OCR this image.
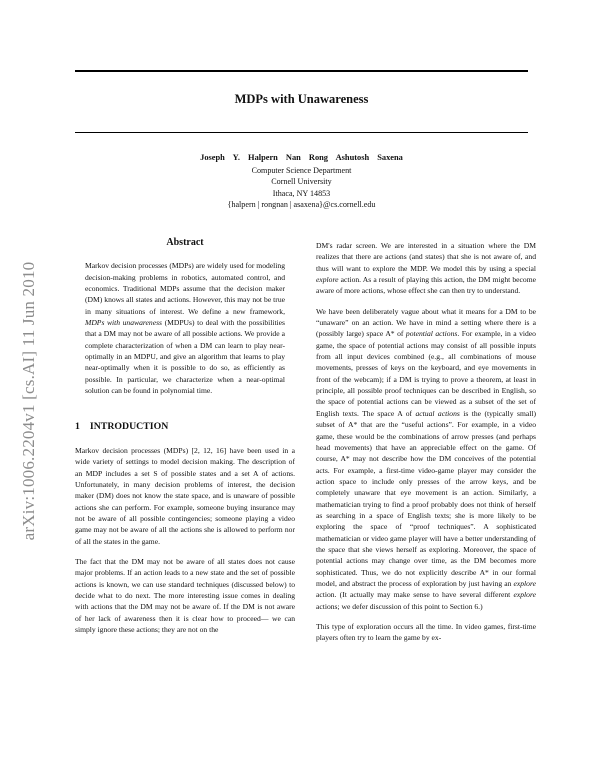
MDPs with Unawareness
Joseph Y. Halpern Nan Rong Ashutosh Saxena
Computer Science Department
Cornell University
Ithaca, NY 14853
{halpern | rongnan | asaxena}@cs.cornell.edu
arXiv:1006.2204v1 [cs.AI] 11 Jun 2010
Abstract

Markov decision processes (MDPs) are widely used for modeling decision-making problems in robotics, automated control, and economics. Traditional MDPs assume that the decision maker (DM) knows all states and actions. However, this may not be true in many situations of interest. We define a new framework, MDPs with unawareness (MDPUs) to deal with the possibilities that a DM may not be aware of all possible actions. We provide a complete characterization of when a DM can learn to play near-optimally in an MDPU, and give an algorithm that learns to play near-optimally when it is possible to do so, as efficiently as possible. In particular, we characterize when a near-optimal solution can be found in polynomial time.

1 INTRODUCTION

Markov decision processes (MDPs) [2, 12, 16] have been used in a wide variety of settings to model decision making. The description of an MDP includes a set S of possible states and a set A of actions. Unfortunately, in many decision problems of interest, the decision maker (DM) does not know the state space, and is unaware of possible actions she can perform. For example, someone buying insurance may not be aware of all possible contingencies; someone playing a video game may not be aware of all the actions she is allowed to perform nor of all the states in the game.

The fact that the DM may not be aware of all states does not cause major problems. If an action leads to a new state and the set of possible actions is known, we can use standard techniques (discussed below) to decide what to do next. The more interesting issue comes in dealing with actions that the DM may not be aware of. If the DM is not aware of her lack of awareness then it is clear how to proceed— we can simply ignore these actions; they are not on the

DM's radar screen. We are interested in a situation where the DM realizes that there are actions (and states) that she is not aware of, and thus will want to explore the MDP. We model this by using a special explore action. As a result of playing this action, the DM might become aware of more actions, whose effect she can then try to understand.

We have been deliberately vague about what it means for a DM to be “unaware” on an action. We have in mind a setting where there is a (possibly large) space A* of potential actions. For example, in a video game, the space of potential actions may consist of all possible inputs from all input devices combined (e.g., all combinations of mouse movements, presses of keys on the keyboard, and eye movements in front of the webcam); if a DM is trying to prove a theorem, at least in principle, all possible proof techniques can be described in English, so the space of potential actions can be viewed as a subset of the set of English texts. The space A of actual actions is the (typically small) subset of A* that are the “useful actions”. For example, in a video game, these would be the combinations of arrow presses (and perhaps head movements) that have an appreciable effect on the game. Of course, A* may not describe how the DM conceives of the potential acts. For example, a first-time video-game player may consider the action space to include only presses of the arrow keys, and be completely unaware that eye movement is an action. Similarly, a mathematician trying to find a proof probably does not think of herself as searching in a space of English texts; she is more likely to be exploring the space of “proof techniques”. A sophisticated mathematician or video game player will have a better understanding of the space that she views herself as exploring. Moreover, the space of potential actions may change over time, as the DM becomes more sophisticated. Thus, we do not explicitly describe A* in our formal model, and abstract the process of exploration by just having an explore action. (It actually may make sense to have several different explore actions; we defer discussion of this point to Section 6.)

This type of exploration occurs all the time. In video games, first-time players often try to learn the game by ex-
